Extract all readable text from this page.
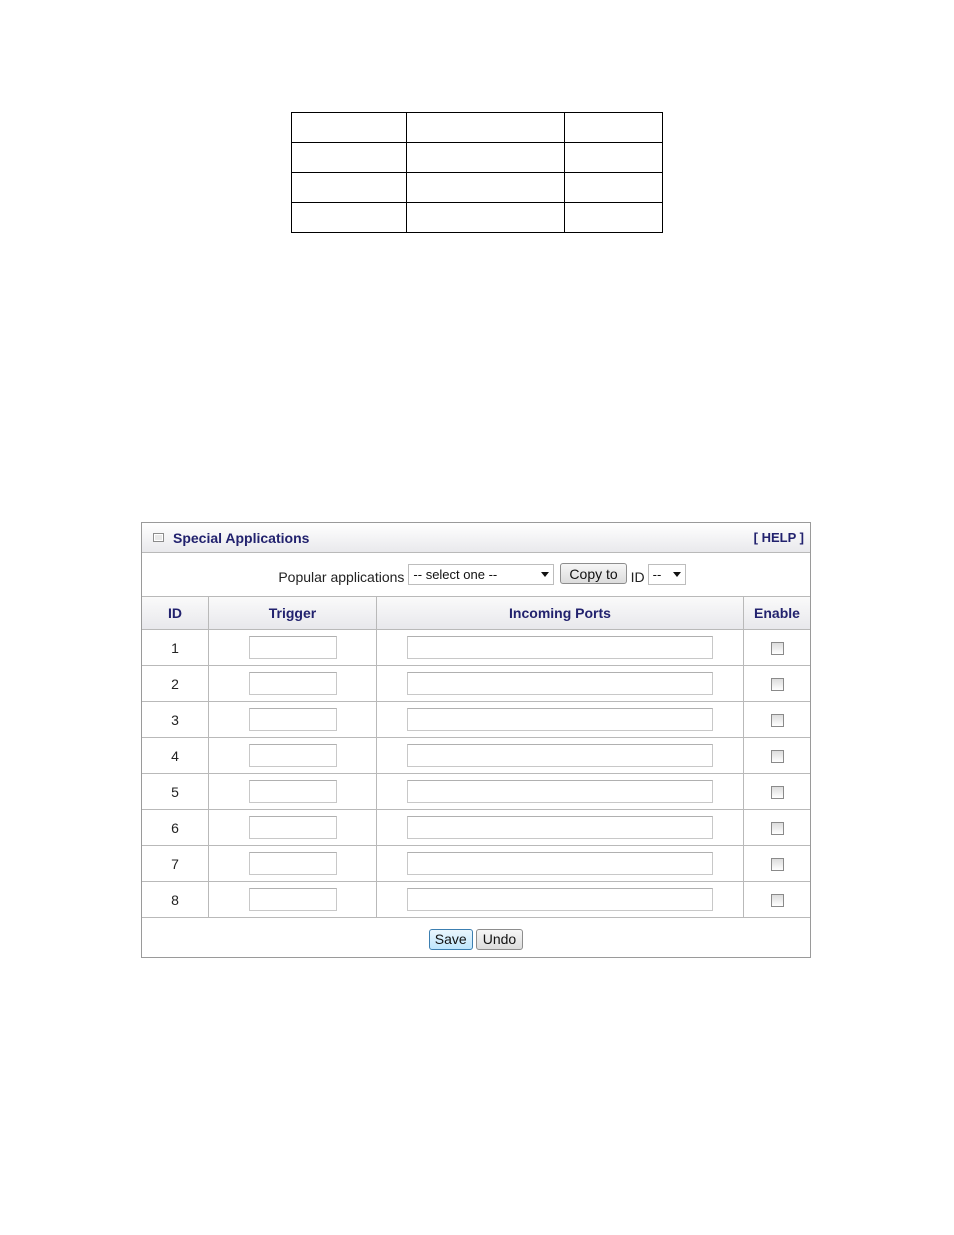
Special Applications	[ HELP ]
Popular applications -- select one --	Copy to ID --
ID	Trigger	Incoming Ports	Enable
1			
2			
3			
4			
5			
6			
7			
8			
Save	Undo
